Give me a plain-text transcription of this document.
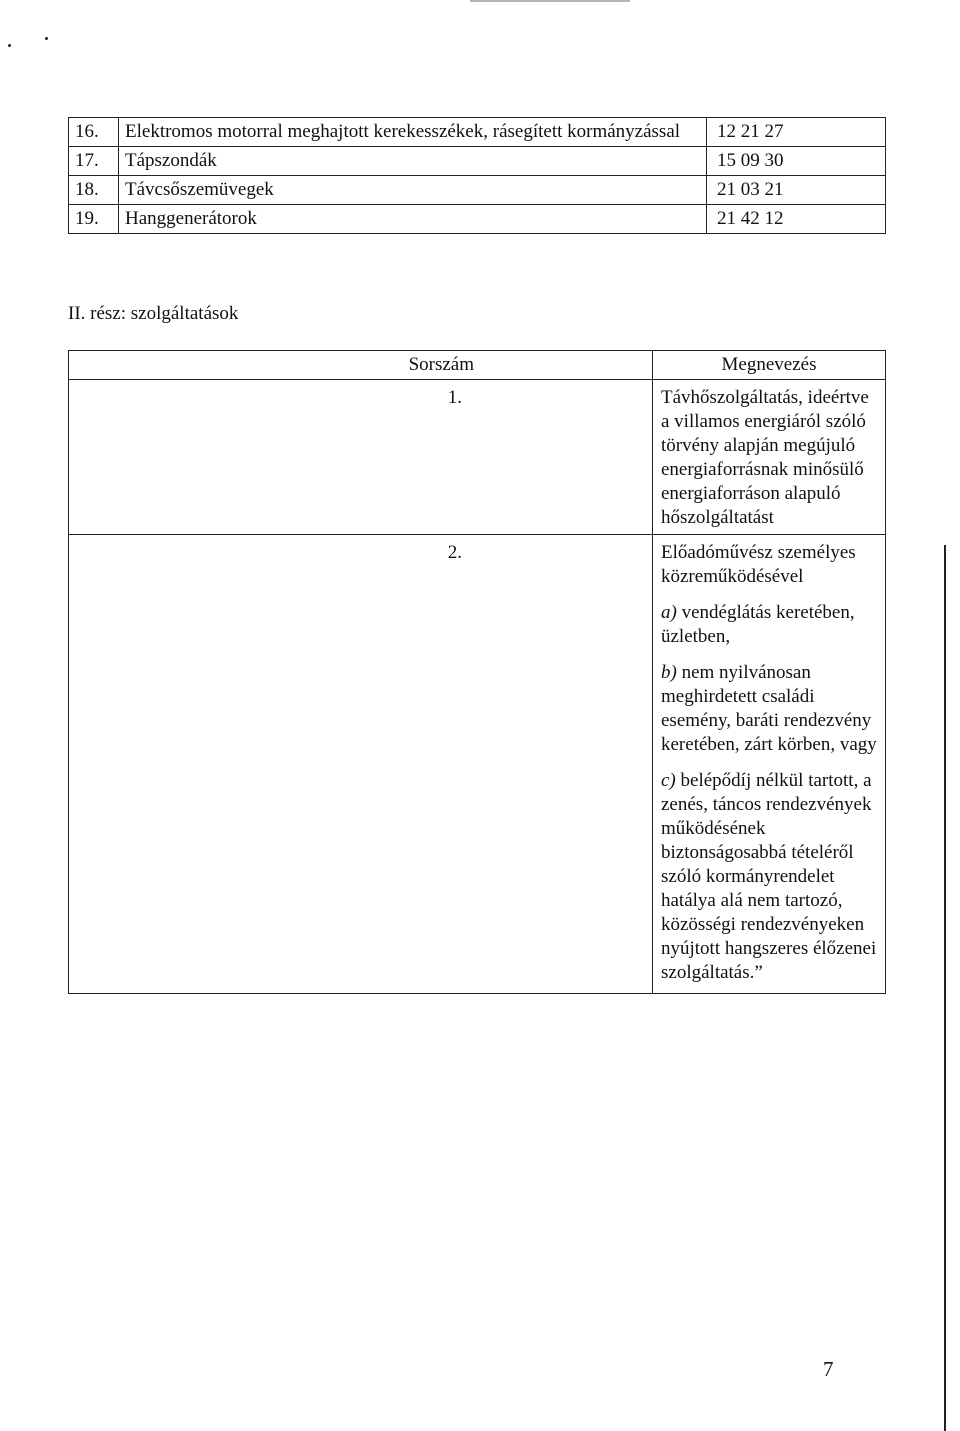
16.	Elektromos motorral meghajtott kerekesszékek, rásegített kormányzással	12 21 27
17.	Tápszondák	15 09 30
18.	Távcsőszemüvegek	21 03 21
19.	Hanggenerátorok	21 42 12
II. rész: szolgáltatások
Sorszám	Megnevezés
1.	Távhőszolgáltatás, ideértve a villamos energiáról szóló törvény alapján megújuló energiaforrásnak minősülő energiaforráson alapuló hőszolgáltatást
2.	Előadóművész személyes közreműködésével
a) vendéglátás keretében, üzletben,
b) nem nyilvánosan meghirdetett családi esemény, baráti rendezvény keretében, zárt körben, vagy
c) belépődíj nélkül tartott, a zenés, táncos rendezvények működésének biztonságosabbá tételéről szóló kormányrendelet hatálya alá nem tartozó, közösségi rendezvényeken nyújtott hangszeres élőzenei szolgáltatás.”
7
